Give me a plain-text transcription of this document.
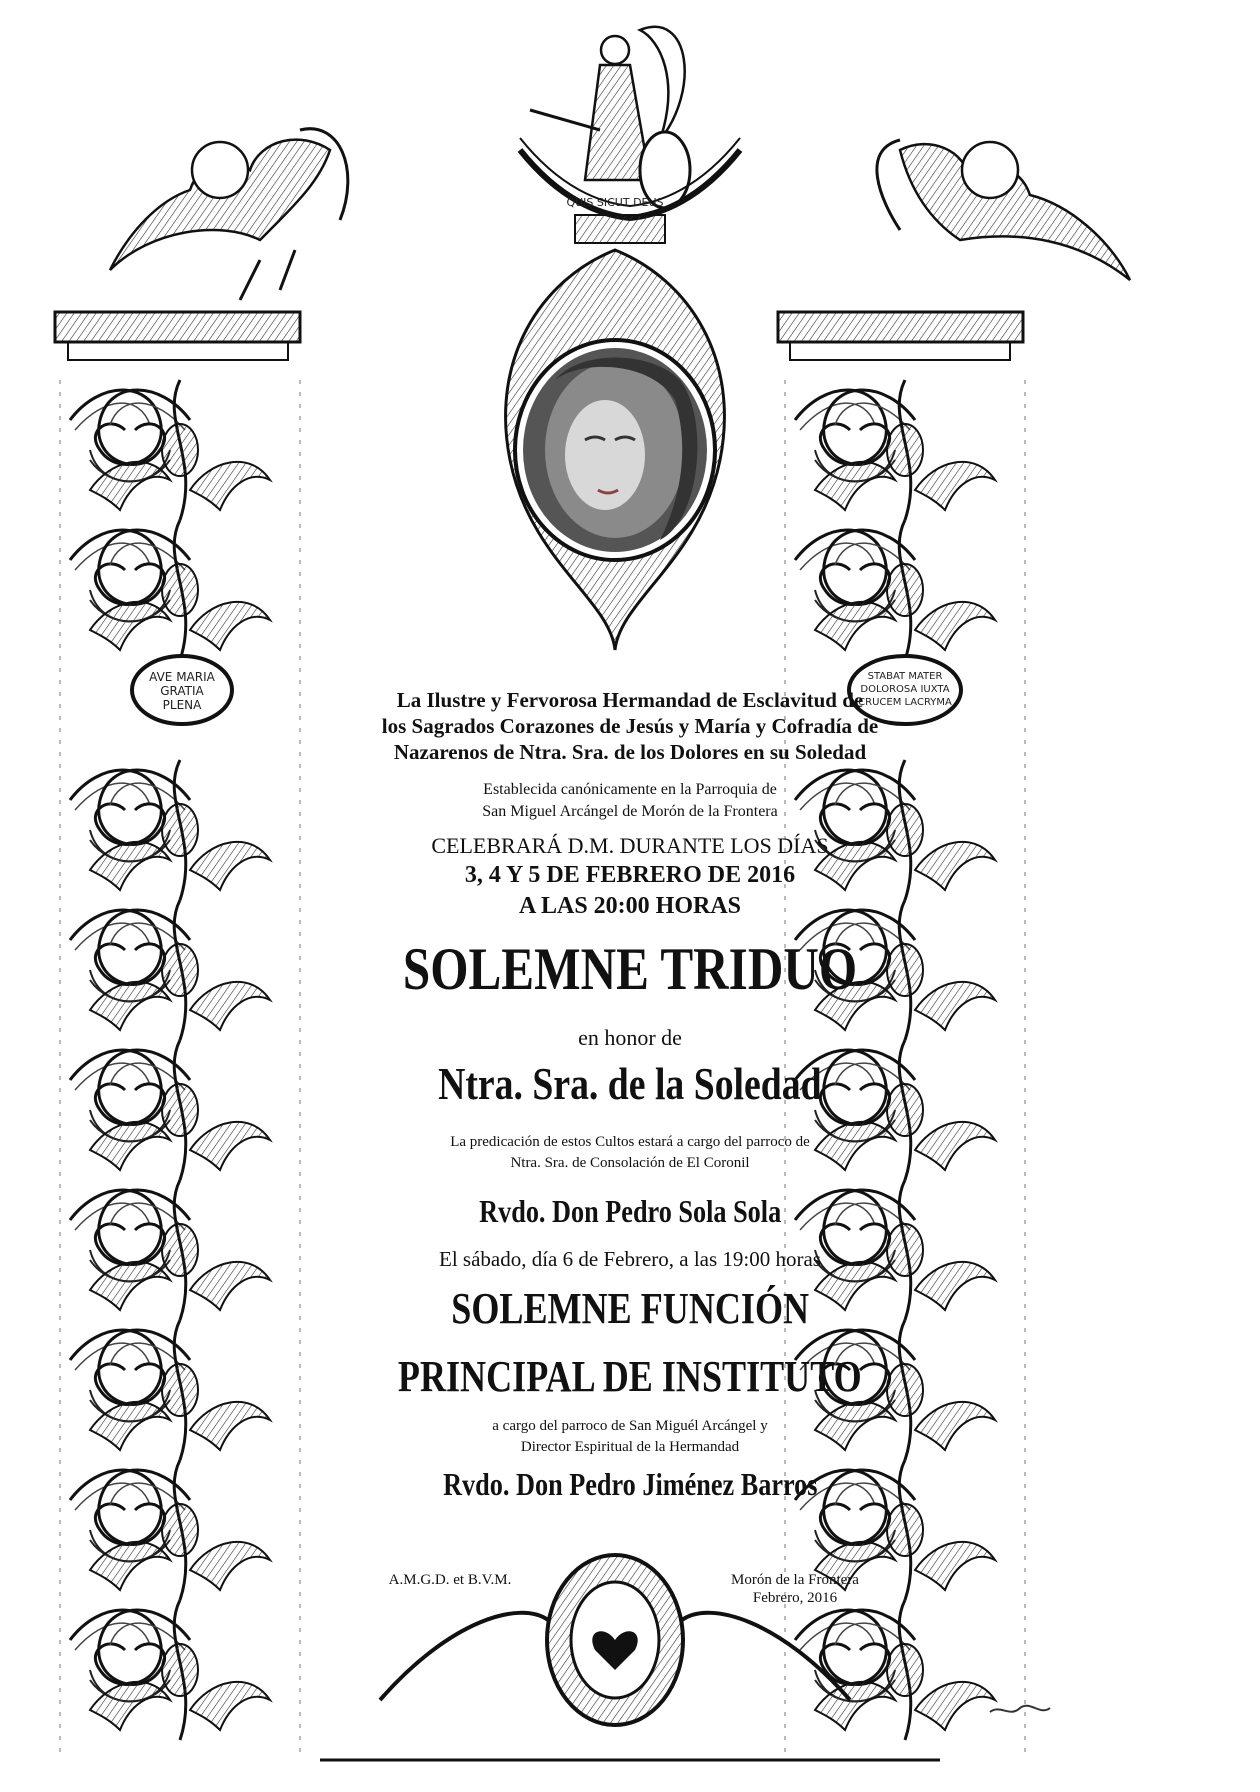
AVE MARIA
GRATIA
PLENA
STABAT MATER
DOLOROSA IUXTA
CRUCEM LACRYMA
QUIS SICUT DEUS
La Ilustre y Fervorosa Hermandad de Esclavitud de
los Sagrados Corazones de Jesús y María y Cofradía de
Nazarenos de Ntra. Sra. de los Dolores en su Soledad
Establecida canónicamente en la Parroquia de
San Miguel Arcángel de Morón de la Frontera
CELEBRARÁ D.M. DURANTE LOS DÍAS
3, 4 Y 5 DE FEBRERO DE 2016
A LAS 20:00 HORAS
SOLEMNE TRIDUO
en honor de
Ntra. Sra. de la Soledad
La predicación de estos Cultos estará a cargo del parroco de
Ntra. Sra. de Consolación de El Coronil
Rvdo. Don Pedro Sola Sola
El sábado, día 6 de Febrero, a las 19:00 horas
SOLEMNE FUNCIÓN
PRINCIPAL DE INSTITUTO
a cargo del parroco de San Miguél Arcángel y
Director Espiritual de la Hermandad
Rvdo. Don Pedro Jiménez Barros
A.M.G.D. et B.V.M.	Morón de la Frontera
Febrero, 2016
